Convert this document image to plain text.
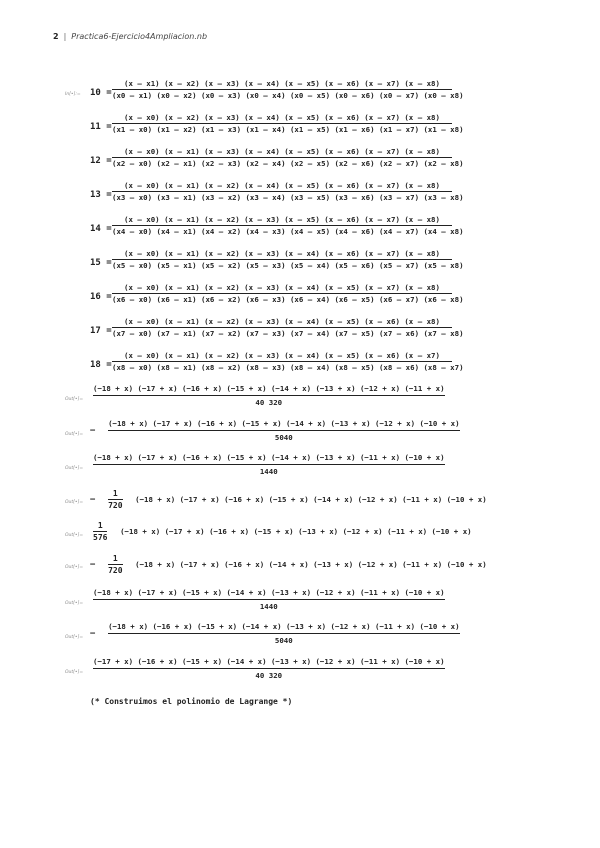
2 | Practica6-Ejercicio4Ampliacion.nb
In[•]:= 10 =
(x – x1) (x – x2) (x – x3) (x – x4) (x – x5) (x – x6) (x – x7) (x – x8)
(x0 – x1) (x0 – x2) (x0 – x3) (x0 – x4) (x0 – x5) (x0 – x6) (x0 – x7) (x0 – x8)
11 =
(x – x0) (x – x2) (x – x3) (x – x4) (x – x5) (x – x6) (x – x7) (x – x8)
(x1 – x0) (x1 – x2) (x1 – x3) (x1 – x4) (x1 – x5) (x1 – x6) (x1 – x7) (x1 – x8)
12 =
(x – x0) (x – x1) (x – x3) (x – x4) (x – x5) (x – x6) (x – x7) (x – x8)
(x2 – x0) (x2 – x1) (x2 – x3) (x2 – x4) (x2 – x5) (x2 – x6) (x2 – x7) (x2 – x8)
13 =
(x – x0) (x – x1) (x – x2) (x – x4) (x – x5) (x – x6) (x – x7) (x – x8)
(x3 – x0) (x3 – x1) (x3 – x2) (x3 – x4) (x3 – x5) (x3 – x6) (x3 – x7) (x3 – x8)
14 =
(x – x0) (x – x1) (x – x2) (x – x3) (x – x5) (x – x6) (x – x7) (x – x8)
(x4 – x0) (x4 – x1) (x4 – x2) (x4 – x3) (x4 – x5) (x4 – x6) (x4 – x7) (x4 – x8)
15 =
(x – x0) (x – x1) (x – x2) (x – x3) (x – x4) (x – x6) (x – x7) (x – x8)
(x5 – x0) (x5 – x1) (x5 – x2) (x5 – x3) (x5 – x4) (x5 – x6) (x5 – x7) (x5 – x8)
16 =
(x – x0) (x – x1) (x – x2) (x – x3) (x – x4) (x – x5) (x – x7) (x – x8)
(x6 – x0) (x6 – x1) (x6 – x2) (x6 – x3) (x6 – x4) (x6 – x5) (x6 – x7) (x6 – x8)
17 =
(x – x0) (x – x1) (x – x2) (x – x3) (x – x4) (x – x5) (x – x6) (x – x8)
(x7 – x0) (x7 – x1) (x7 – x2) (x7 – x3) (x7 – x4) (x7 – x5) (x7 – x6) (x7 – x8)
18 =
(x – x0) (x – x1) (x – x2) (x – x3) (x – x4) (x – x5) (x – x6) (x – x7)
(x8 – x0) (x8 – x1) (x8 – x2) (x8 – x3) (x8 – x4) (x8 – x5) (x8 – x6) (x8 – x7)
Out[•]=
(−18 + x) (−17 + x) (−16 + x) (−15 + x) (−14 + x) (−13 + x) (−12 + x) (−11 + x)
40 320
Out[•]= −
(−18 + x) (−17 + x) (−16 + x) (−15 + x) (−14 + x) (−13 + x) (−12 + x) (−10 + x)
5040
Out[•]=
(−18 + x) (−17 + x) (−16 + x) (−15 + x) (−14 + x) (−13 + x) (−11 + x) (−10 + x)
1440
Out[•]= − $\frac{1}{720} (-18 + x) (-17 + x) (-16 + x) (-15 + x) (-14 + x) (-12 + x) (-11 + x) (-10 + x)$
Out[•]= $\frac{1}{576} (-18 + x) (-17 + x) (-16 + x) (-15 + x) (-13 + x) (-12 + x) (-11 + x) (-10 + x)$
Out[•]= − $\frac{1}{720} (-18 + x) (-17 + x) (-16 + x) (-14 + x) (-13 + x) (-12 + x) (-11 + x) (-10 + x)$
Out[•]=
(−18 + x) (−17 + x) (−15 + x) (−14 + x) (−13 + x) (−12 + x) (−11 + x) (−10 + x)
1440
Out[•]= −
(−18 + x) (−16 + x) (−15 + x) (−14 + x) (−13 + x) (−12 + x) (−11 + x) (−10 + x)
5040
Out[•]=
(−17 + x) (−16 + x) (−15 + x) (−14 + x) (−13 + x) (−12 + x) (−11 + x) (−10 + x)
40 320
(* Construimos el polinomio de Lagrange *)
